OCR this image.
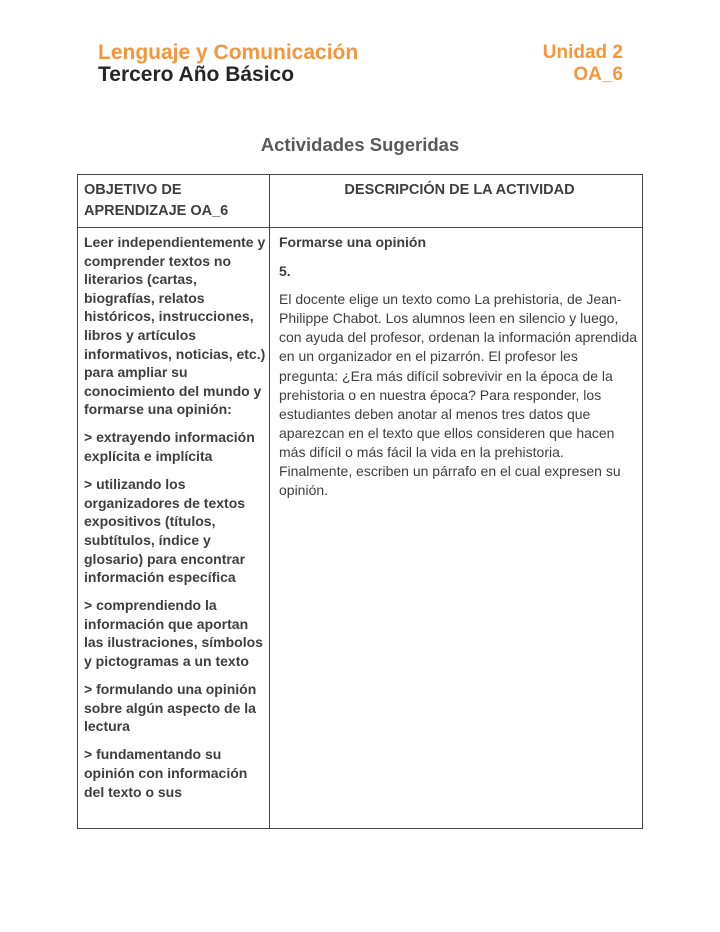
Lenguaje y Comunicación
Tercero Año Básico
Unidad 2
OA_6
Actividades Sugeridas
OBJETIVO DE APRENDIZAJE OA_6
DESCRIPCIÓN DE LA ACTIVIDAD

Leer independientemente y comprender textos no literarios (cartas, biografías, relatos históricos, instrucciones, libros y artículos informativos, noticias, etc.) para ampliar su conocimiento del mundo y formarse una opinión:

> extrayendo información explícita e implícita

> utilizando los organizadores de textos expositivos (títulos, subtítulos, índice y glosario) para encontrar información específica

> comprendiendo la información que aportan las ilustraciones, símbolos y pictogramas a un texto

> formulando una opinión sobre algún aspecto de la lectura

> fundamentando su opinión con información del texto o sus

Formarse una opinión

5.

El docente elige un texto como La prehistoria, de Jean-Philippe Chabot. Los alumnos leen en silencio y luego, con ayuda del profesor, ordenan la información aprendida en un organizador en el pizarrón. El profesor les pregunta: ¿Era más difícil sobrevivir en la época de la prehistoria o en nuestra época? Para responder, los estudiantes deben anotar al menos tres datos que aparezcan en el texto que ellos consideren que hacen más difícil o más fácil la vida en la prehistoria. Finalmente, escriben un párrafo en el cual expresen su opinión.
